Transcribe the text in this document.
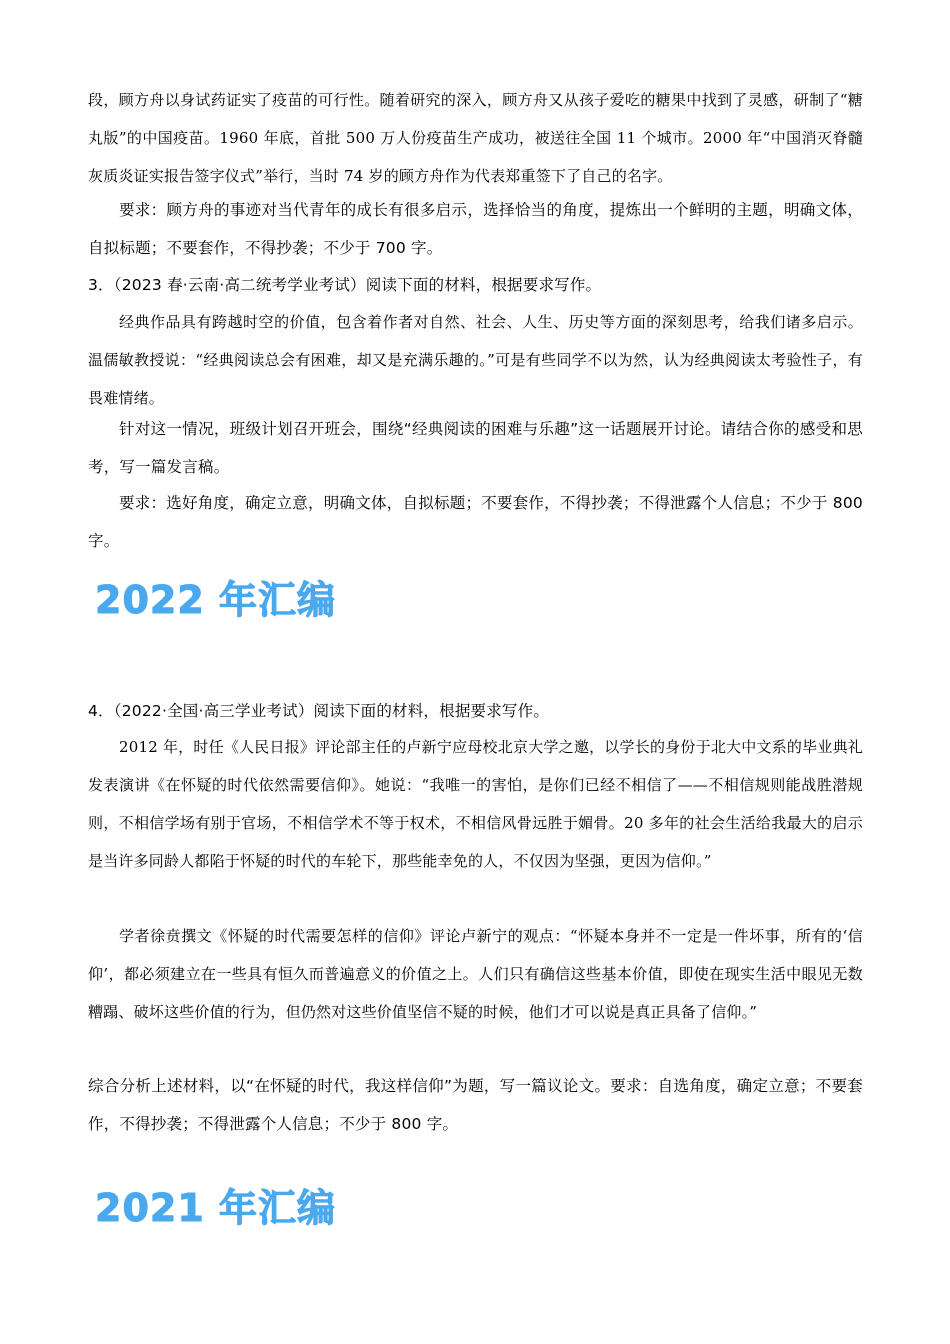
段，顾方舟以身试药证实了疫苗的可行性。随着研究的深入，顾方舟又从孩子爱吃的糖果中找到了灵感，研制了“糖丸版”的中国疫苗。1960 年底，首批 500 万人份疫苗生产成功，被送往全国 11 个城市。2000 年“中国消灭脊髓灰质炎证实报告签字仪式”举行，当时 74 岁的顾方舟作为代表郑重签下了自己的名字。

要求：顾方舟的事迹对当代青年的成长有很多启示，选择恰当的角度，提炼出一个鲜明的主题，明确文体，自拟标题；不要套作，不得抄袭；不少于 700 字。

3．（2023 春·云南·高二统考学业考试）阅读下面的材料，根据要求写作。

经典作品具有跨越时空的价值，包含着作者对自然、社会、人生、历史等方面的深刻思考，给我们诸多启示。温儒敏教授说：“经典阅读总会有困难，却又是充满乐趣的。”可是有些同学不以为然，认为经典阅读太考验性子，有畏难情绪。

针对这一情况，班级计划召开班会，围绕“经典阅读的困难与乐趣”这一话题展开讨论。请结合你的感受和思考，写一篇发言稿。

要求：选好角度，确定立意，明确文体，自拟标题；不要套作，不得抄袭；不得泄露个人信息；不少于 800 字。

2022 年汇编

4．（2022·全国·高三学业考试）阅读下面的材料，根据要求写作。

2012 年，时任《人民日报》评论部主任的卢新宁应母校北京大学之邀，以学长的身份于北大中文系的毕业典礼发表演讲《在怀疑的时代依然需要信仰》。她说：“我唯一的害怕，是你们已经不相信了——不相信规则能战胜潜规则，不相信学场有别于官场，不相信学术不等于权术，不相信风骨远胜于媚骨。20 多年的社会生活给我最大的启示是当许多同龄人都陷于怀疑的时代的车轮下，那些能幸免的人，不仅因为坚强，更因为信仰。”

学者徐贲撰文《怀疑的时代需要怎样的信仰》评论卢新宁的观点：“怀疑本身并不一定是一件坏事，所有的‘信仰’，都必须建立在一些具有恒久而普遍意义的价值之上。人们只有确信这些基本价值，即使在现实生活中眼见无数糟蹋、破坏这些价值的行为，但仍然对这些价值坚信不疑的时候，他们才可以说是真正具备了信仰。”

综合分析上述材料，以“在怀疑的时代，我这样信仰”为题，写一篇议论文。要求：自选角度，确定立意；不要套作，不得抄袭；不得泄露个人信息；不少于 800 字。

2021 年汇编
